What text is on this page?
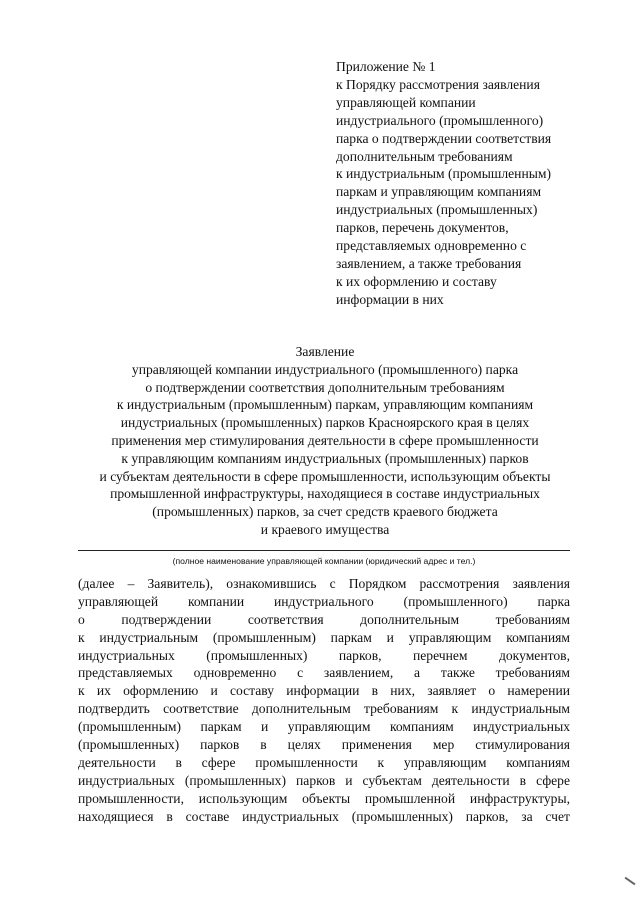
Приложение № 1
к Порядку рассмотрения заявления
управляющей компании
индустриального (промышленного)
парка о подтверждении соответствия
дополнительным требованиям
к индустриальным (промышленным)
паркам и управляющим компаниям
индустриальных (промышленных)
парков, перечень документов,
представляемых одновременно с
заявлением, а также требования
к их оформлению и составу
информации в них
Заявление
управляющей компании индустриального (промышленного) парка
о подтверждении соответствия дополнительным требованиям
к индустриальным (промышленным) паркам, управляющим компаниям
индустриальных (промышленных) парков Красноярского края в целях
применения мер стимулирования деятельности в сфере промышленности
к управляющим компаниям индустриальных (промышленных) парков
и субъектам деятельности в сфере промышленности, использующим объекты
промышленной инфраструктуры, находящиеся в составе индустриальных
(промышленных) парков, за счет средств краевого бюджета
и краевого имущества
(полное наименование управляющей компании (юридический адрес и тел.)
(далее – Заявитель), ознакомившись с Порядком рассмотрения заявления
управляющей компании индустриального (промышленного) парка
о подтверждении соответствия дополнительным требованиям
к индустриальным (промышленным) паркам и управляющим компаниям
индустриальных (промышленных) парков, перечнем документов,
представляемых одновременно с заявлением, а также требованиям
к их оформлению и составу информации в них, заявляет о намерении
подтвердить соответствие дополнительным требованиям к индустриальным
(промышленным) паркам и управляющим компаниям индустриальных
(промышленных) парков в целях применения мер стимулирования
деятельности в сфере промышленности к управляющим компаниям
индустриальных (промышленных) парков и субъектам деятельности в сфере
промышленности, использующим объекты промышленной инфраструктуры,
находящиеся в составе индустриальных (промышленных) парков, за счет
